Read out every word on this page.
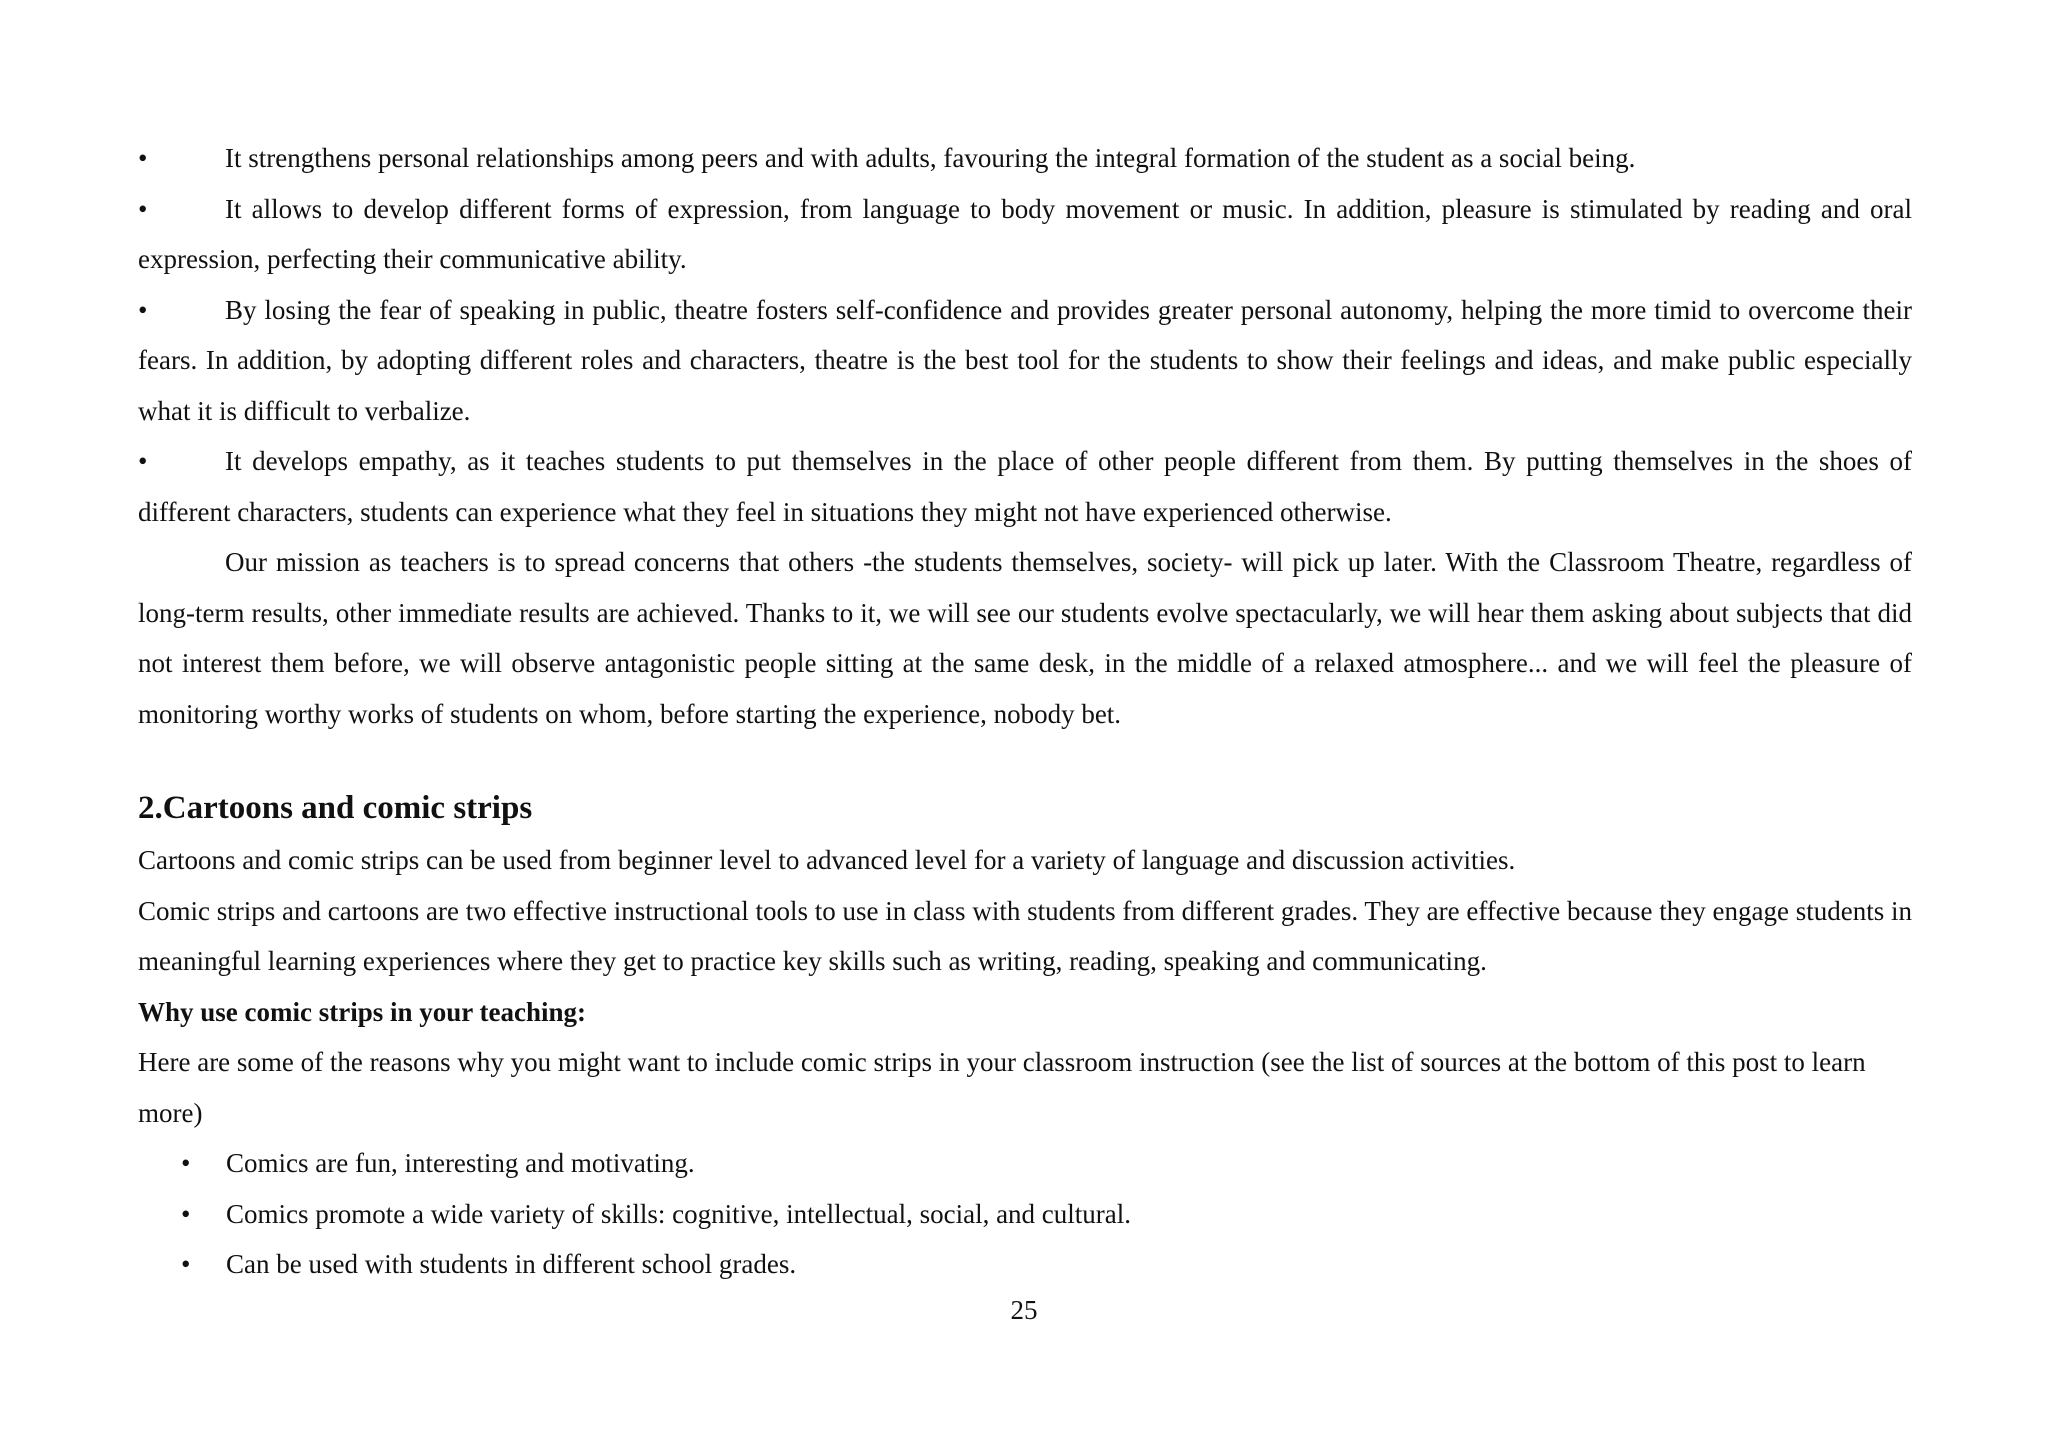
•	It strengthens personal relationships among peers and with adults, favouring the integral formation of the student as a social being.

•	It allows to develop different forms of expression, from language to body movement or music. In addition, pleasure is stimulated by reading and oral expression, perfecting their communicative ability.

•	By losing the fear of speaking in public, theatre fosters self-confidence and provides greater personal autonomy, helping the more timid to overcome their fears. In addition, by adopting different roles and characters, theatre is the best tool for the students to show their feelings and ideas, and make public especially what it is difficult to verbalize.

•	It develops empathy, as it teaches students to put themselves in the place of other people different from them. By putting themselves in the shoes of different characters, students can experience what they feel in situations they might not have experienced otherwise.

Our mission as teachers is to spread concerns that others -the students themselves, society- will pick up later. With the Classroom Theatre, regardless of long-term results, other immediate results are achieved. Thanks to it, we will see our students evolve spectacularly, we will hear them asking about subjects that did not interest them before, we will observe antagonistic people sitting at the same desk, in the middle of a relaxed atmosphere... and we will feel the pleasure of monitoring worthy works of students on whom, before starting the experience, nobody bet.

2.Cartoons and comic strips

Cartoons and comic strips can be used from beginner level to advanced level for a variety of language and discussion activities.

Comic strips and cartoons are two effective instructional tools to use in class with students from different grades. They are effective because they engage students in meaningful learning experiences where they get to practice key skills such as writing, reading, speaking and communicating.

Why use comic strips in your teaching:

Here are some of the reasons why you might want to include comic strips in your classroom instruction (see the list of sources at the bottom of this post to learn more)

• Comics are fun, interesting and motivating.
• Comics promote a wide variety of skills: cognitive, intellectual, social, and cultural.
• Can be used with students in different school grades.
25
